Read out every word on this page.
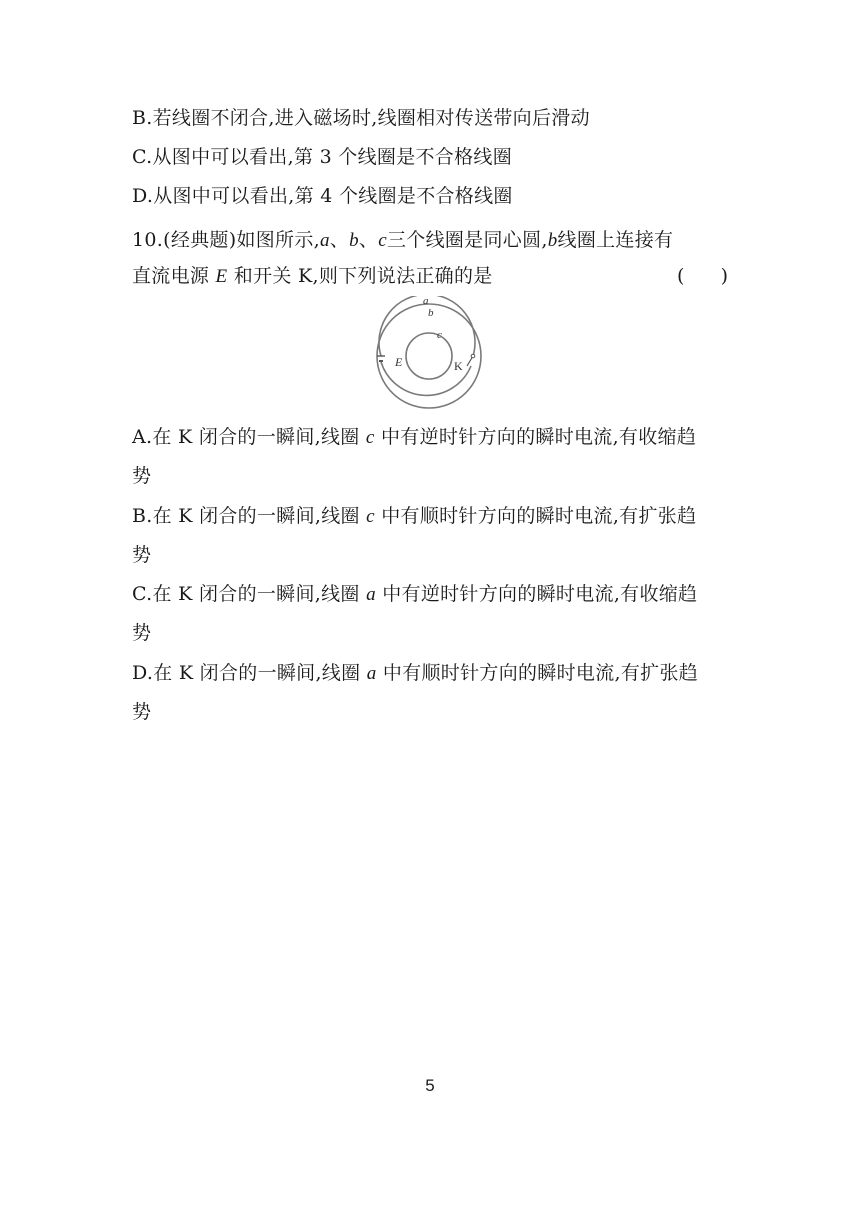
B.若线圈不闭合,进入磁场时,线圈相对传送带向后滑动
C.从图中可以看出,第 3 个线圈是不合格线圈
D.从图中可以看出,第 4 个线圈是不合格线圈
10.(经典题)如图所示,a、b、c三个线圈是同心圆,b线圈上连接有
直流电源 E 和开关 K,则下列说法正确的是	(      )
a
b
c
E	K
A.在 K 闭合的一瞬间,线圈 c 中有逆时针方向的瞬时电流,有收缩趋
势
B.在 K 闭合的一瞬间,线圈 c 中有顺时针方向的瞬时电流,有扩张趋
势
C.在 K 闭合的一瞬间,线圈 a 中有逆时针方向的瞬时电流,有收缩趋
势
D.在 K 闭合的一瞬间,线圈 a 中有顺时针方向的瞬时电流,有扩张趋
势
5
